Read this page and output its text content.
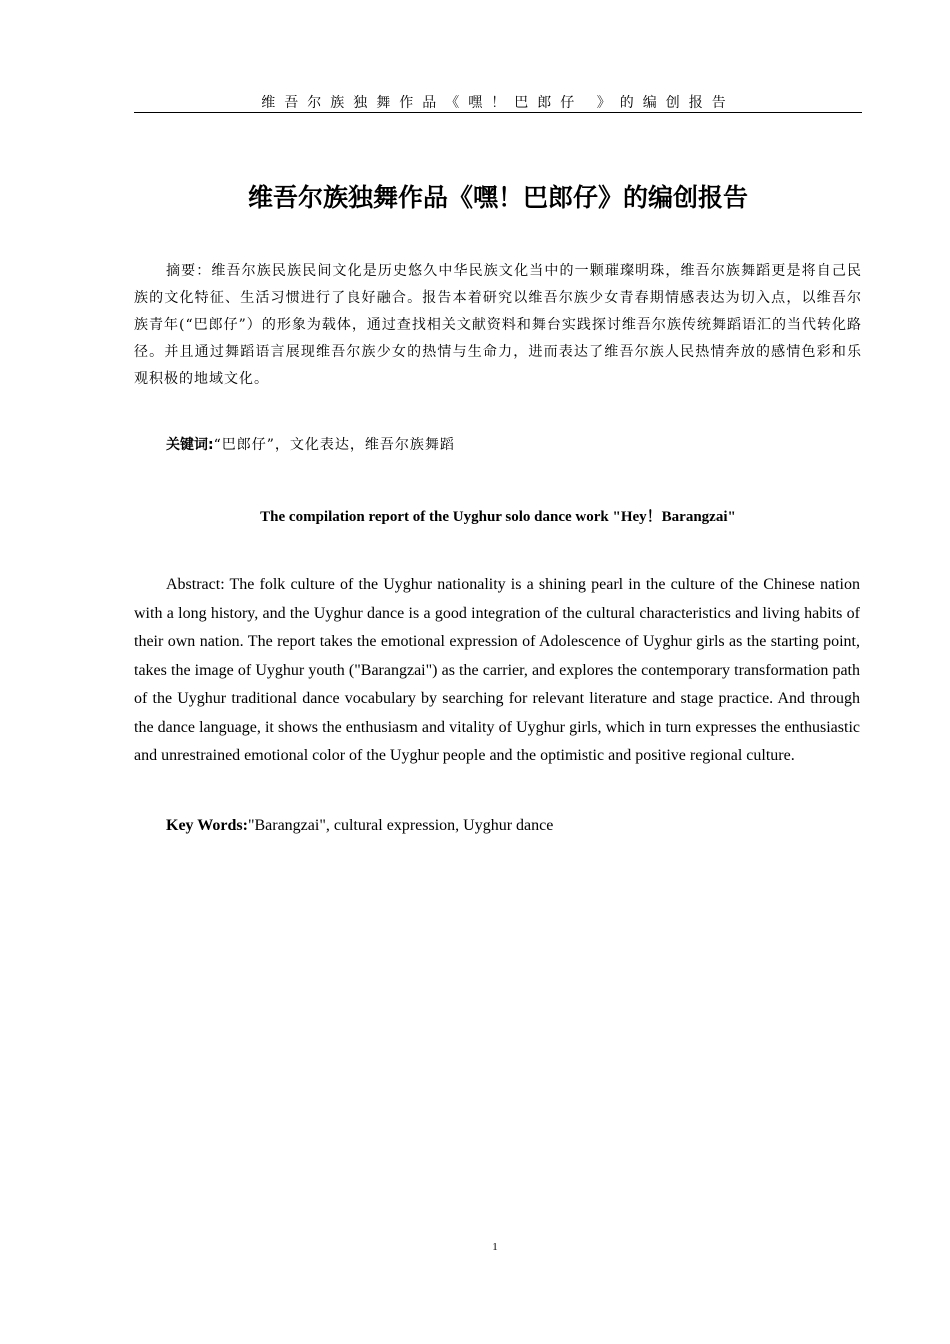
维吾尔族独舞作品《嘿！巴郎仔 》的编创报告
维吾尔族独舞作品《嘿！巴郎仔》的编创报告

摘要：维吾尔族民族民间文化是历史悠久中华民族文化当中的一颗璀璨明珠，维吾尔族舞蹈更是将自己民族的文化特征、生活习惯进行了良好融合。报告本着研究以维吾尔族少女青春期情感表达为切入点，以维吾尔族青年(“巴郎仔”）的形象为载体，通过查找相关文献资料和舞台实践探讨维吾尔族传统舞蹈语汇的当代转化路径。并且通过舞蹈语言展现维吾尔族少女的热情与生命力，进而表达了维吾尔族人民热情奔放的感情色彩和乐观积极的地域文化。

关键词:“巴郎仔”，文化表达，维吾尔族舞蹈
The compilation report of the Uyghur solo dance work "Hey！Barangzai"

Abstract: The folk culture of the Uyghur nationality is a shining pearl in the culture of the Chinese nation with a long history, and the Uyghur dance is a good integration of the cultural characteristics and living habits of their own nation. The report takes the emotional expression of Adolescence of Uyghur girls as the starting point, takes the image of Uyghur youth ("Barangzai") as the carrier, and explores the contemporary transformation path of the Uyghur traditional dance vocabulary by searching for relevant literature and stage practice. And through the dance language, it shows the enthusiasm and vitality of Uyghur girls, which in turn expresses the enthusiastic and unrestrained emotional color of the Uyghur people and the optimistic and positive regional culture.

Key Words:"Barangzai", cultural expression, Uyghur dance
1
